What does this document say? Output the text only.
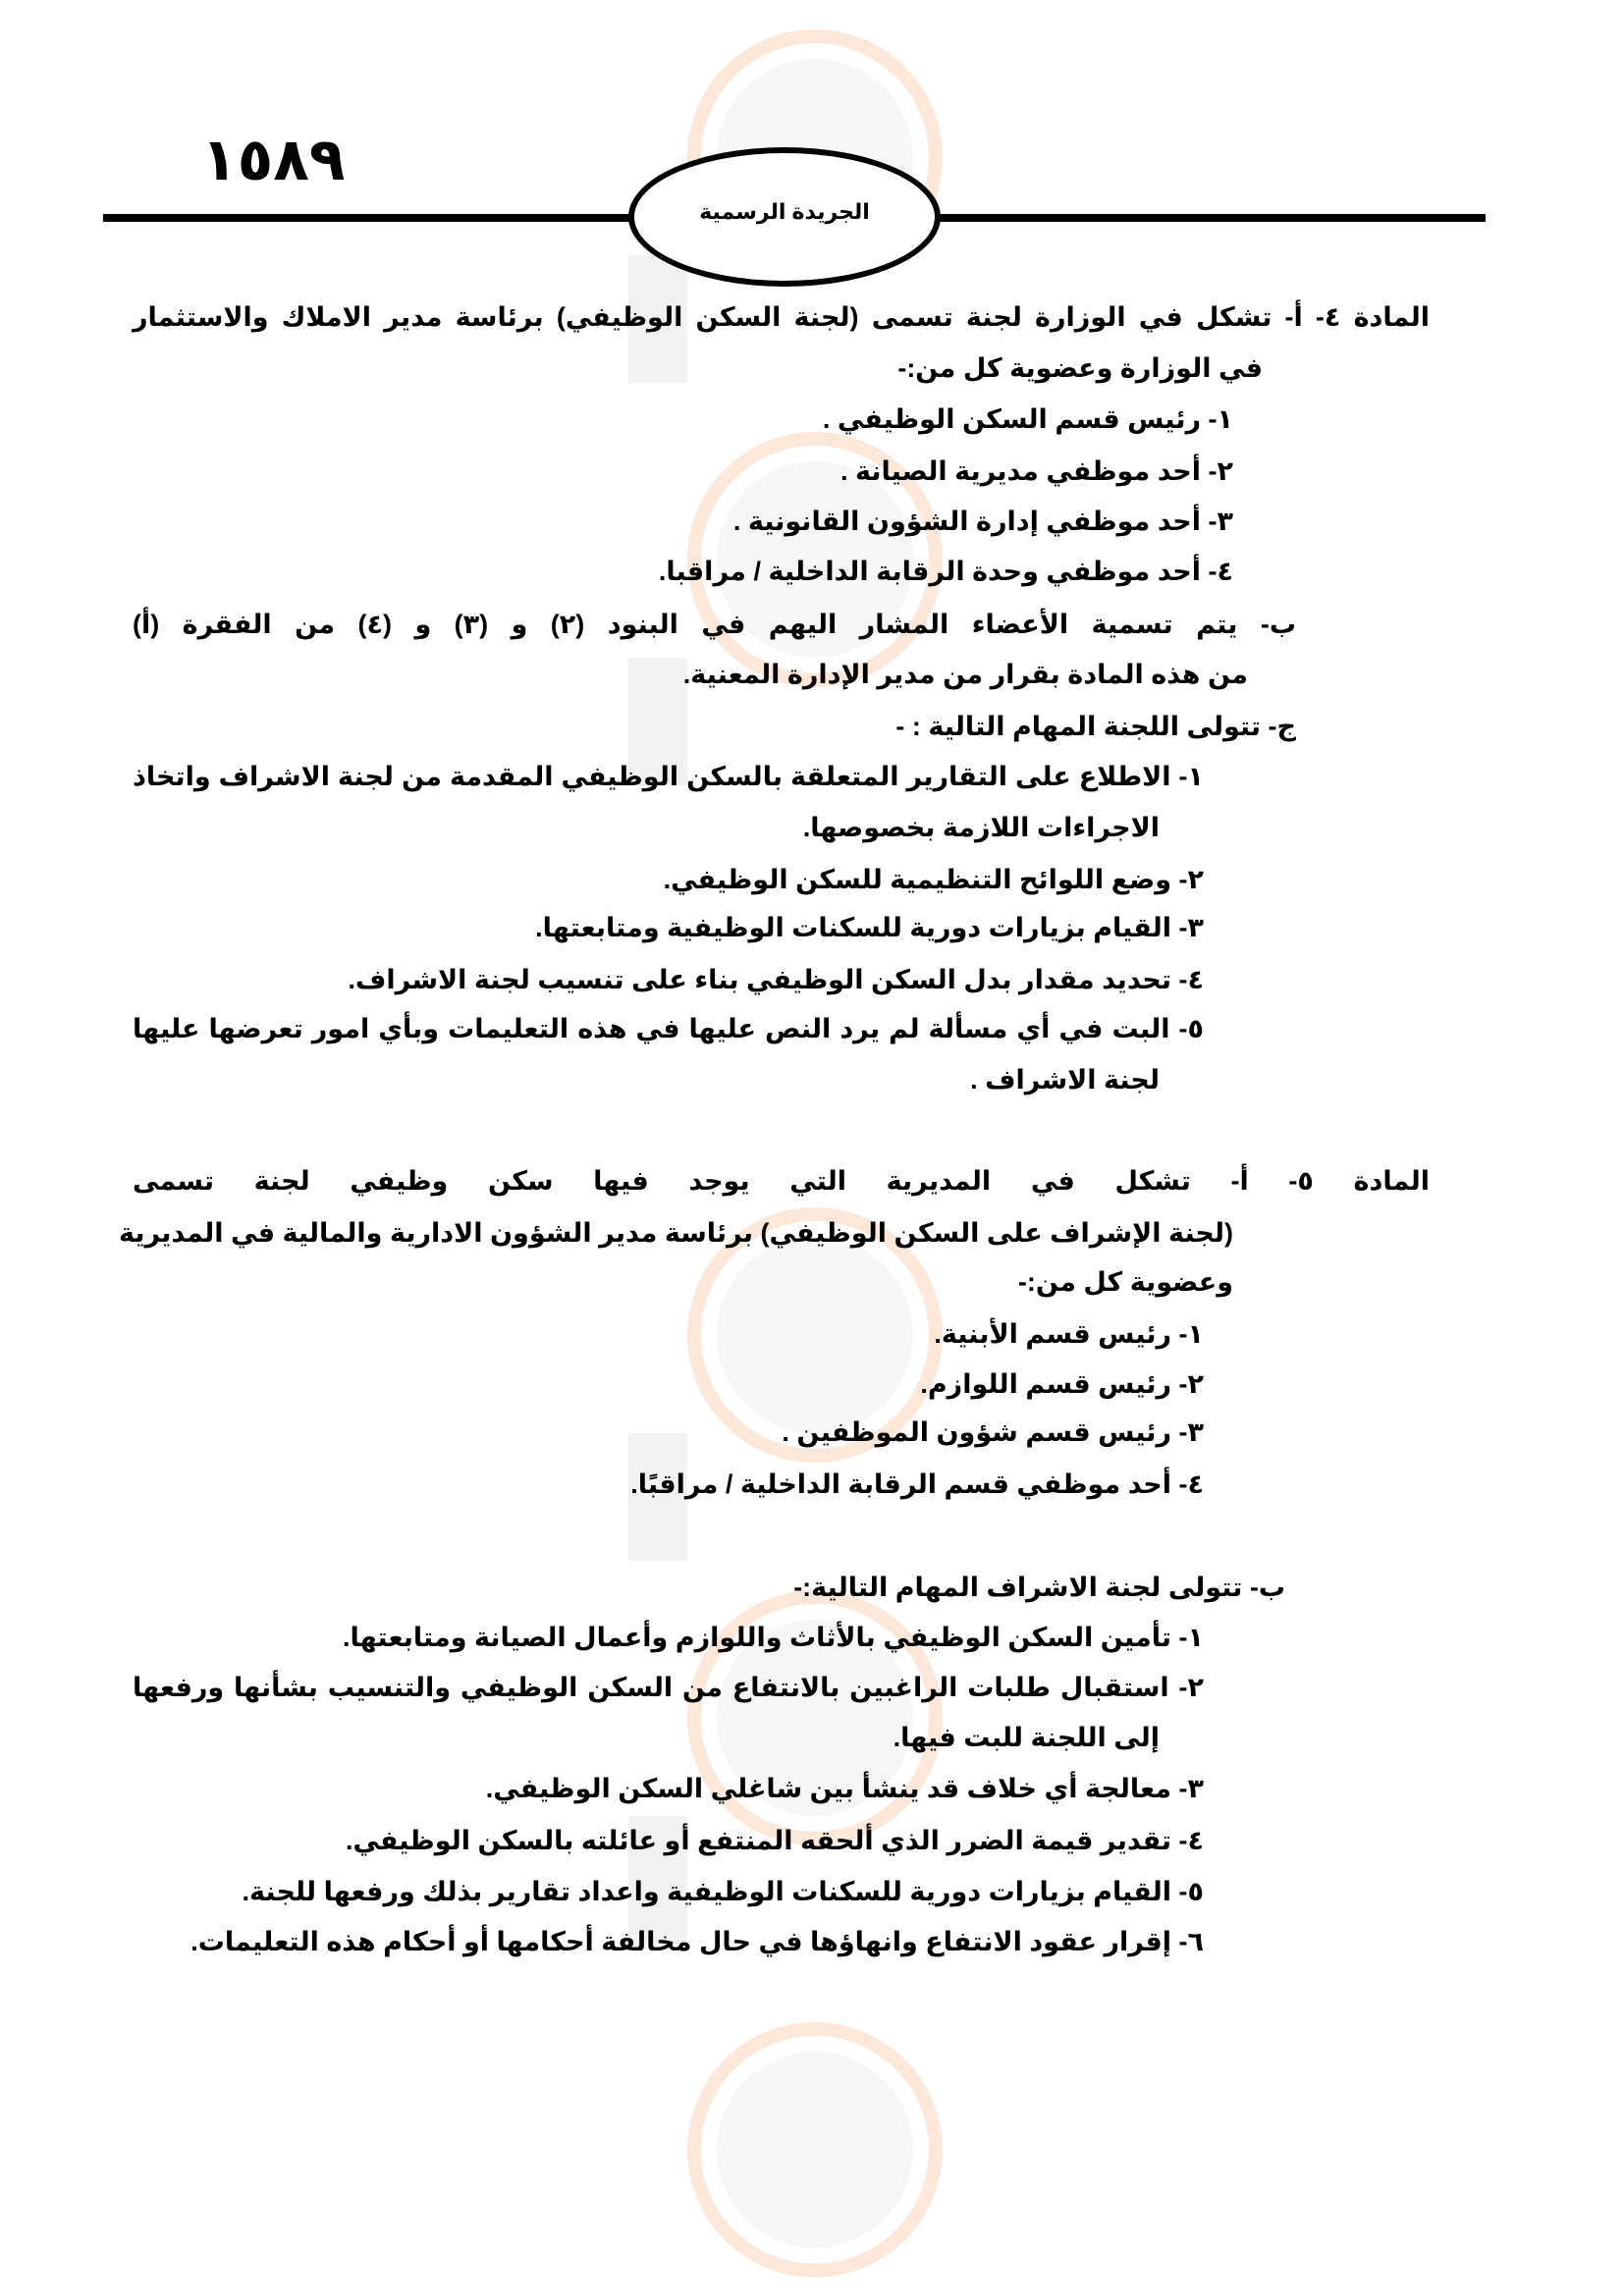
١٥٨٩
الجريدة الرسمية
المادة ٤- أ- تشكل في الوزارة لجنة تسمى (لجنة السكن الوظيفي) برئاسة مدير الاملاك والاستثمار
في الوزارة وعضوية كل من:-
١- رئيس قسم السكن الوظيفي .
٢- أحد موظفي مديرية الصيانة .
٣- أحد موظفي إدارة الشؤون القانونية .
٤- أحد موظفي وحدة الرقابة الداخلية / مراقبا.
ب- يتم تسمية الأعضاء المشار اليهم في البنود (٢) و (٣) و (٤) من الفقرة (أ)
من هذه المادة بقرار من مدير الإدارة المعنية.
ج- تتولى اللجنة المهام التالية : -
١- الاطلاع على التقارير المتعلقة بالسكن الوظيفي المقدمة من لجنة الاشراف واتخاذ
الاجراءات اللازمة بخصوصها.
٢- وضع اللوائح التنظيمية للسكن الوظيفي.
٣- القيام بزيارات دورية للسكنات الوظيفية ومتابعتها.
٤- تحديد مقدار بدل السكن الوظيفي بناء على تنسيب لجنة الاشراف.
٥- البت في أي مسألة لم يرد النص عليها في هذه التعليمات وبأي امور تعرضها عليها
لجنة الاشراف .
المادة ٥- أ- تشكل في المديرية التي يوجد فيها سكن وظيفي لجنة تسمى
(لجنة الإشراف على السكن الوظيفي) برئاسة مدير الشؤون الادارية والمالية في المديرية
وعضوية كل من:-
١- رئيس قسم الأبنية.
٢- رئيس قسم اللوازم.
٣- رئيس قسم شؤون الموظفين .
٤- أحد موظفي قسم الرقابة الداخلية / مراقبًا.
ب- تتولى لجنة الاشراف المهام التالية:-
١- تأمين السكن الوظيفي بالأثاث واللوازم وأعمال الصيانة ومتابعتها.
٢- استقبال طلبات الراغبين بالانتفاع من السكن الوظيفي والتنسيب بشأنها ورفعها
إلى اللجنة للبت فيها.
٣- معالجة أي خلاف قد ينشأ بين شاغلي السكن الوظيفي.
٤- تقدير قيمة الضرر الذي ألحقه المنتفع أو عائلته بالسكن الوظيفي.
٥- القيام بزيارات دورية للسكنات الوظيفية واعداد تقارير بذلك ورفعها للجنة.
٦- إقرار عقود الانتفاع وانهاؤها في حال مخالفة أحكامها أو أحكام هذه التعليمات.
